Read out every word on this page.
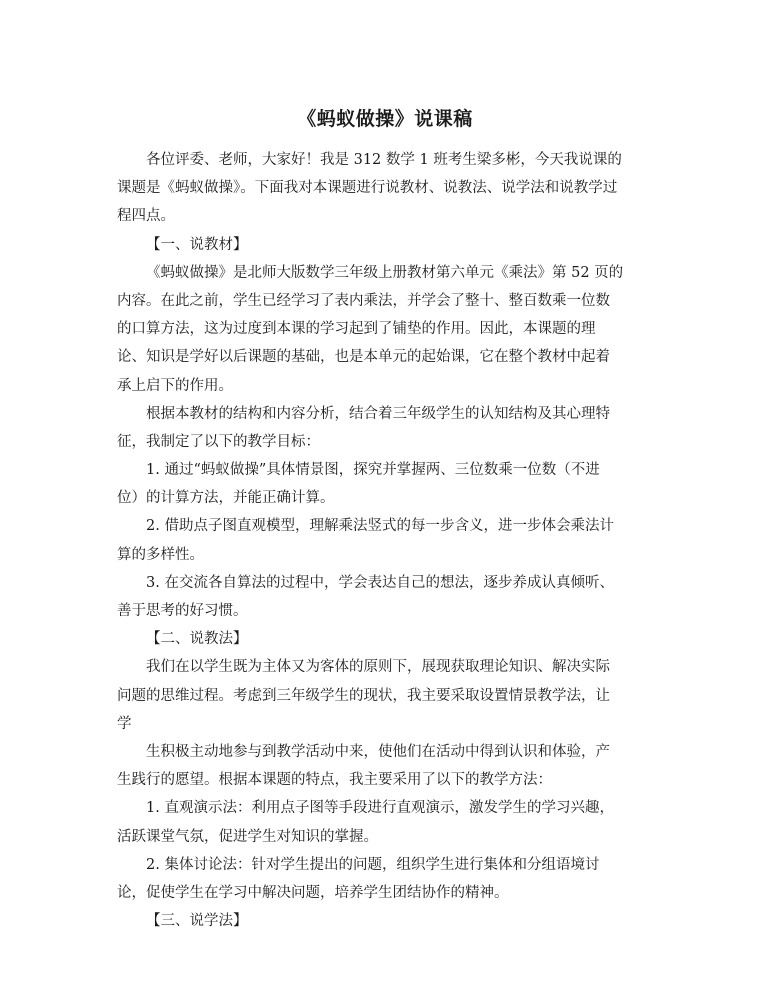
《蚂蚁做操》说课稿
各位评委、老师，大家好！我是 312 数学 1 班考生梁多彬，今天我说课的
课题是《蚂蚁做操》。下面我对本课题进行说教材、说教法、说学法和说教学过
程四点。
【一、说教材】
《蚂蚁做操》是北师大版数学三年级上册教材第六单元《乘法》第 52 页的
内容。在此之前，学生已经学习了表内乘法，并学会了整十、整百数乘一位数
的口算方法，这为过度到本课的学习起到了铺垫的作用。因此，本课题的理
论、知识是学好以后课题的基础，也是本单元的起始课，它在整个教材中起着
承上启下的作用。
根据本教材的结构和内容分析，结合着三年级学生的认知结构及其心理特
征，我制定了以下的教学目标：
1. 通过“蚂蚁做操”具体情景图，探究并掌握两、三位数乘一位数（不进
位）的计算方法，并能正确计算。
2. 借助点子图直观模型，理解乘法竖式的每一步含义，进一步体会乘法计
算的多样性。
3. 在交流各自算法的过程中，学会表达自己的想法，逐步养成认真倾听、
善于思考的好习惯。
【二、说教法】
我们在以学生既为主体又为客体的原则下，展现获取理论知识、解决实际
问题的思维过程。考虑到三年级学生的现状，我主要采取设置情景教学法，让
学
生积极主动地参与到教学活动中来，使他们在活动中得到认识和体验，产
生践行的愿望。根据本课题的特点，我主要采用了以下的教学方法：
1. 直观演示法：利用点子图等手段进行直观演示，激发学生的学习兴趣，
活跃课堂气氛，促进学生对知识的掌握。
2. 集体讨论法：针对学生提出的问题，组织学生进行集体和分组语境讨
论，促使学生在学习中解决问题，培养学生团结协作的精神。
【三、说学法】
